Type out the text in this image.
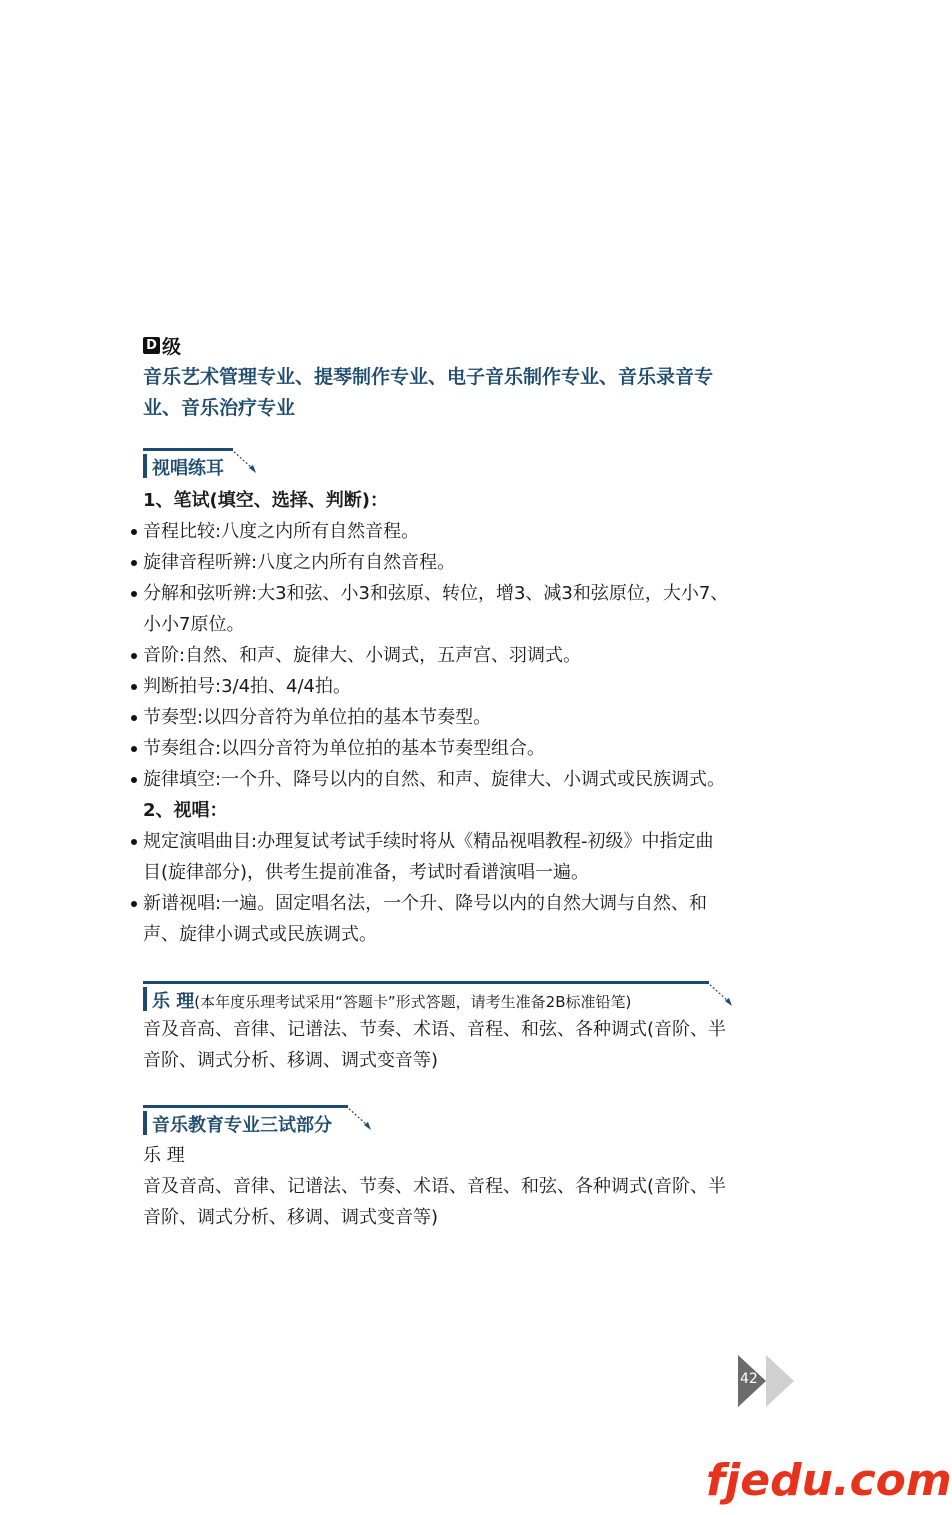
D 级
音乐艺术管理专业、提琴制作专业、电子音乐制作专业、音乐录音专业、音乐治疗专业
视唱练耳
1、笔试(填空、选择、判断)：
音程比较:八度之内所有自然音程。
旋律音程听辨:八度之内所有自然音程。
分解和弦听辨:大3和弦、小3和弦原、转位，增3、减3和弦原位，大小7、小小7原位。
音阶:自然、和声、旋律大、小调式，五声宫、羽调式。
判断拍号:3/4拍、4/4拍。
节奏型:以四分音符为单位拍的基本节奏型。
节奏组合:以四分音符为单位拍的基本节奏型组合。
旋律填空:一个升、降号以内的自然、和声、旋律大、小调式或民族调式。
2、视唱：
规定演唱曲目:办理复试考试手续时将从《精品视唱教程-初级》中指定曲目(旋律部分)，供考生提前准备，考试时看谱演唱一遍。
新谱视唱:一遍。固定唱名法，一个升、降号以内的自然大调与自然、和声、旋律小调式或民族调式。
乐 理(本年度乐理考试采用“答题卡”形式答题，请考生准备2B标准铅笔)
音及音高、音律、记谱法、节奏、术语、音程、和弦、各种调式(音阶、半音阶、调式分析、移调、调式变音等)
音乐教育专业三试部分
乐 理
音及音高、音律、记谱法、节奏、术语、音程、和弦、各种调式(音阶、半音阶、调式分析、移调、调式变音等)
42
fjedu.com
